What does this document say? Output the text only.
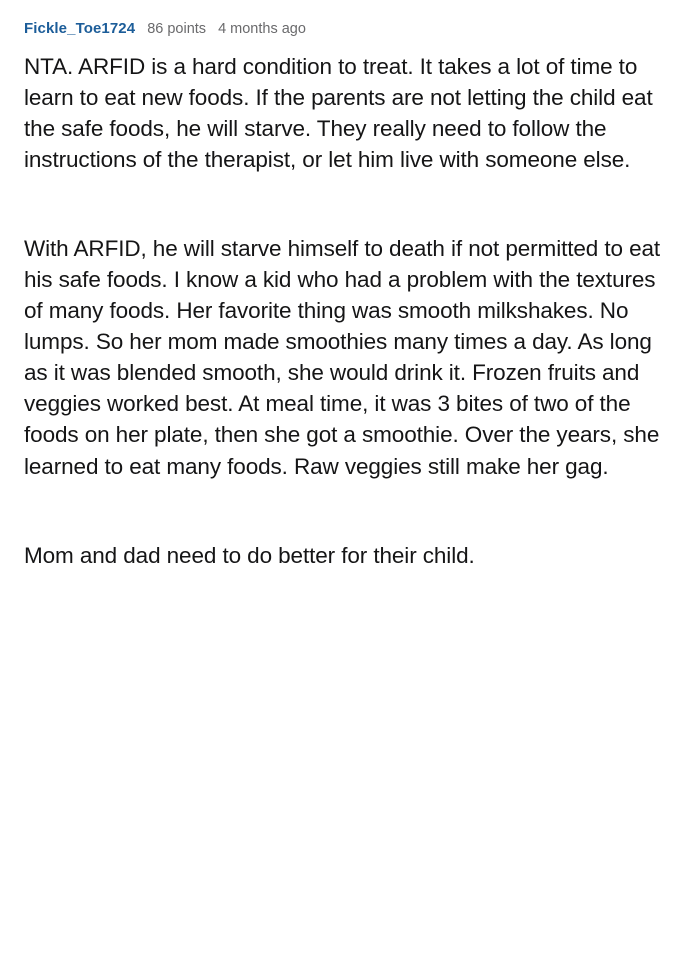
Fickle_Toe1724 86 points 4 months ago

NTA. ARFID is a hard condition to treat. It takes a lot of time to learn to eat new foods. If the parents are not letting the child eat the safe foods, he will starve. They really need to follow the instructions of the therapist, or let him live with someone else.

With ARFID, he will starve himself to death if not permitted to eat his safe foods. I know a kid who had a problem with the textures of many foods. Her favorite thing was smooth milkshakes. No lumps. So her mom made smoothies many times a day. As long as it was blended smooth, she would drink it. Frozen fruits and veggies worked best. At meal time, it was 3 bites of two of the foods on her plate, then she got a smoothie. Over the years, she learned to eat many foods. Raw veggies still make her gag.

Mom and dad need to do better for their child.
